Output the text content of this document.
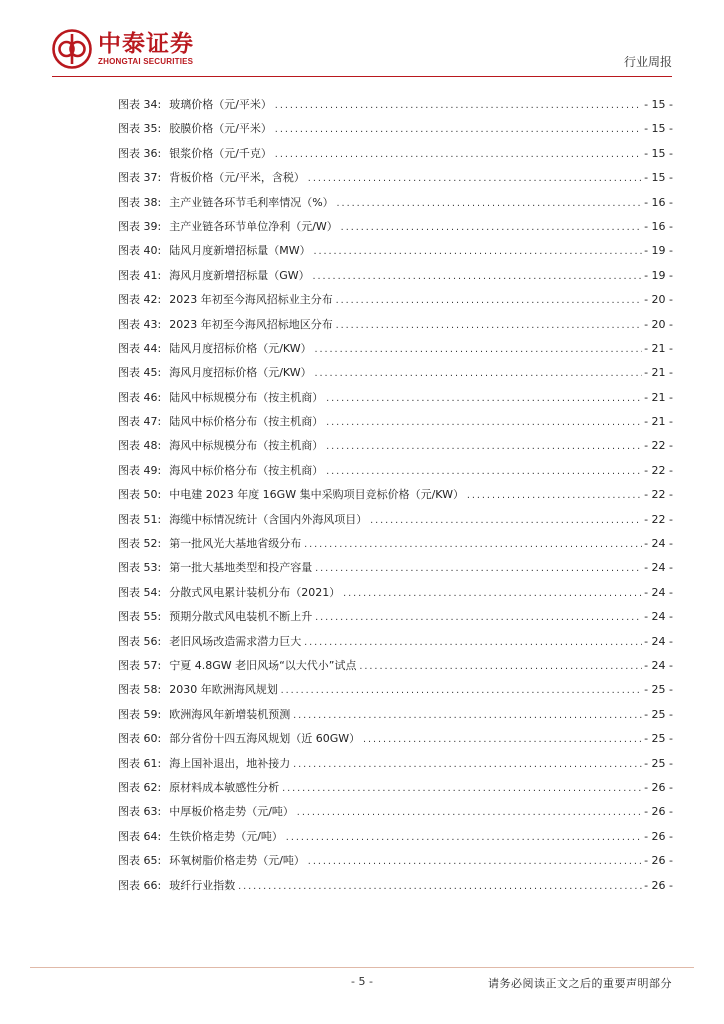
中泰证券
ZHONGTAI SECURITIES	行业周报
图表 34: 玻璃价格（元/平米） .....	- 15 -
图表 35: 胶膜价格（元/平米） .....	- 15 -
图表 36: 银浆价格（元/千克） .....	- 15 -
图表 37: 背板价格（元/平米，含税） .....	- 15 -
图表 38: 主产业链各环节毛利率情况（%） .....	- 16 -
图表 39: 主产业链各环节单位净利（元/W） .....	- 16 -
图表 40: 陆风月度新增招标量（MW） .....	- 19 -
图表 41: 海风月度新增招标量（GW） .....	- 19 -
图表 42: 2023 年初至今海风招标业主分布 .....	- 20 -
图表 43: 2023 年初至今海风招标地区分布 .....	- 20 -
图表 44: 陆风月度招标价格（元/KW） .....	- 21 -
图表 45: 海风月度招标价格（元/KW） .....	- 21 -
图表 46: 陆风中标规模分布（按主机商） .....	- 21 -
图表 47: 陆风中标价格分布（按主机商） .....	- 21 -
图表 48: 海风中标规模分布（按主机商） .....	- 22 -
图表 49: 海风中标价格分布（按主机商） .....	- 22 -
图表 50: 中电建 2023 年度 16GW 集中采购项目竞标价格（元/KW） .....	- 22 -
图表 51: 海缆中标情况统计（含国内外海风项目） .....	- 22 -
图表 52: 第一批风光大基地省级分布 .....	- 24 -
图表 53: 第一批大基地类型和投产容量 .....	- 24 -
图表 54: 分散式风电累计装机分布（2021） .....	- 24 -
图表 55: 预期分散式风电装机不断上升 .....	- 24 -
图表 56: 老旧风场改造需求潜力巨大 .....	- 24 -
图表 57: 宁夏 4.8GW 老旧风场“以大代小”试点 .....	- 24 -
图表 58: 2030 年欧洲海风规划 .....	- 25 -
图表 59: 欧洲海风年新增装机预测 .....	- 25 -
图表 60: 部分省份十四五海风规划（近 60GW） .....	- 25 -
图表 61: 海上国补退出，地补接力 .....	- 25 -
图表 62: 原材料成本敏感性分析 .....	- 26 -
图表 63: 中厚板价格走势（元/吨） .....	- 26 -
图表 64: 生铁价格走势（元/吨） .....	- 26 -
图表 65: 环氧树脂价格走势（元/吨） .....	- 26 -
图表 66: 玻纤行业指数 .....	- 26 -
- 5 -	请务必阅读正文之后的重要声明部分
